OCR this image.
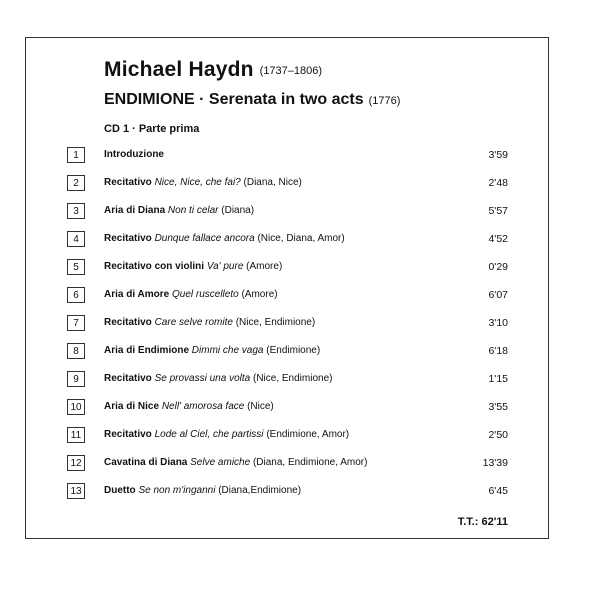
Michael Haydn (1737–1806)
ENDIMIONE · Serenata in two acts (1776)
CD 1 · Parte prima
1	Introduzione	3'59
2	Recitativo Nice, Nice, che fai? (Diana, Nice)	2'48
3	Aria di Diana Non ti celar (Diana)	5'57
4	Recitativo Dunque fallace ancora (Nice, Diana, Amor)	4'52
5	Recitativo con violini Va' pure (Amore)	0'29
6	Aria di Amore Quel ruscelleto (Amore)	6'07
7	Recitativo Care selve romite (Nice, Endimione)	3'10
8	Aria di Endimione Dimmi che vaga (Endimione)	6'18
9	Recitativo Se provassi una volta (Nice, Endimione)	1'15
10	Aria di Nice Nell' amorosa face (Nice)	3'55
11	Recitativo Lode al Ciel, che partissi (Endimione, Amor)	2'50
12	Cavatina di Diana Selve amiche (Diana, Endimione, Amor)	13'39
13	Duetto Se non m'inganni (Diana,Endimione)	6'45
T.T.: 62'11
